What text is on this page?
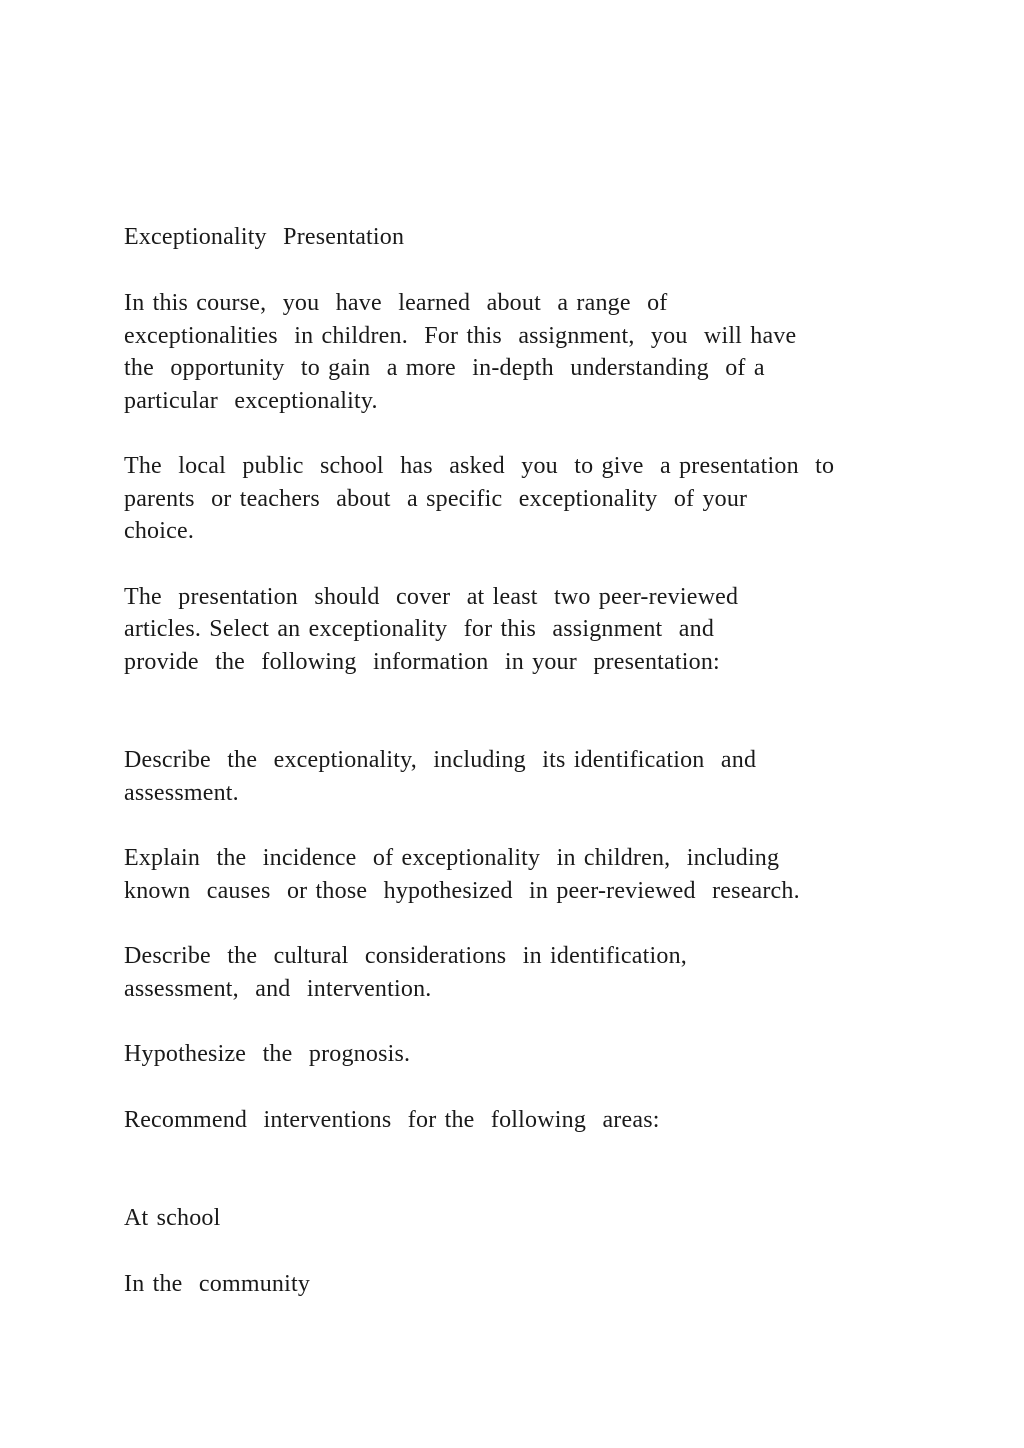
Exceptionality  Presentation

In this course,  you  have  learned  about  a range  of

exceptionalities  in children.  For this  assignment,  you  will have

the  opportunity  to gain  a more  in-depth  understanding  of a

particular  exceptionality.

The  local  public  school  has  asked  you  to give  a presentation  to

parents  or teachers  about  a specific  exceptionality  of your

choice.

The  presentation  should  cover  at least  two peer-reviewed

articles. Select an exceptionality  for this  assignment  and

provide  the  following  information  in your  presentation:

Describe  the  exceptionality,  including  its identification  and

assessment.

Explain  the  incidence  of exceptionality  in children,  including

known  causes  or those  hypothesized  in peer-reviewed  research.

Describe  the  cultural  considerations  in identification,

assessment,  and  intervention.

Hypothesize  the  prognosis.

Recommend  interventions  for the  following  areas:

At school

In the  community
